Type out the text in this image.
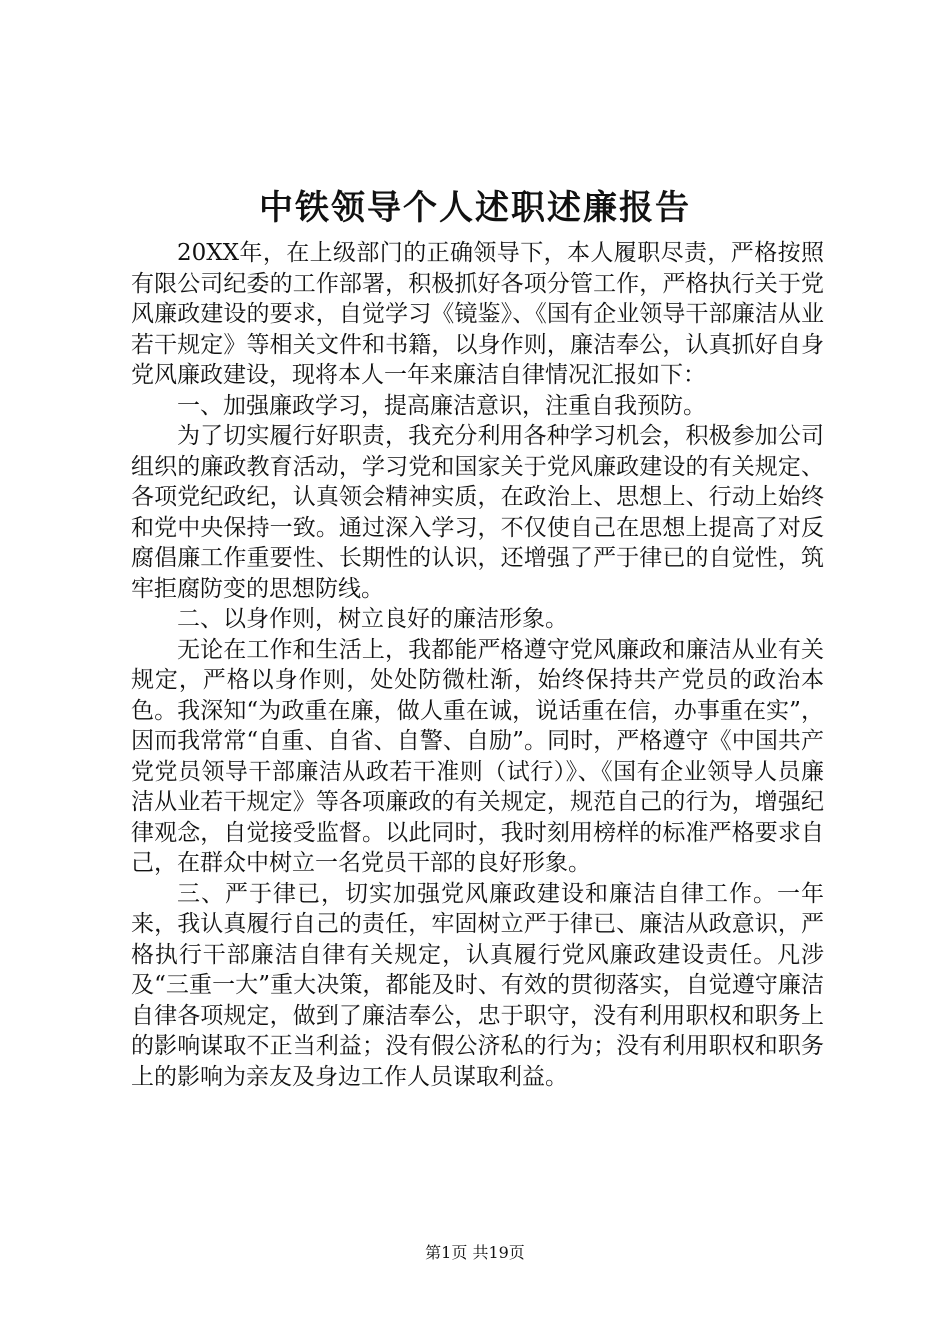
中铁领导个人述职述廉报告

20XX年，在上级部门的正确领导下，本人履职尽责，严格按照有限公司纪委的工作部署，积极抓好各项分管工作，严格执行关于党风廉政建设的要求，自觉学习《镜鉴》、《国有企业领导干部廉洁从业若干规定》等相关文件和书籍，以身作则，廉洁奉公，认真抓好自身党风廉政建设，现将本人一年来廉洁自律情况汇报如下：

一、加强廉政学习，提高廉洁意识，注重自我预防。

为了切实履行好职责，我充分利用各种学习机会，积极参加公司组织的廉政教育活动，学习党和国家关于党风廉政建设的有关规定、各项党纪政纪，认真领会精神实质，在政治上、思想上、行动上始终和党中央保持一致。通过深入学习，不仅使自己在思想上提高了对反腐倡廉工作重要性、长期性的认识，还增强了严于律已的自觉性，筑牢拒腐防变的思想防线。

二、以身作则，树立良好的廉洁形象。

无论在工作和生活上，我都能严格遵守党风廉政和廉洁从业有关规定，严格以身作则，处处防微杜渐，始终保持共产党员的政治本色。我深知“为政重在廉，做人重在诚，说话重在信，办事重在实”，因而我常常“自重、自省、自警、自励”。同时，严格遵守《中国共产党党员领导干部廉洁从政若干准则（试行）》、《国有企业领导人员廉洁从业若干规定》等各项廉政的有关规定，规范自己的行为，增强纪律观念，自觉接受监督。以此同时，我时刻用榜样的标准严格要求自己，在群众中树立一名党员干部的良好形象。

三、严于律已，切实加强党风廉政建设和廉洁自律工作。一年来，我认真履行自己的责任，牢固树立严于律已、廉洁从政意识，严格执行干部廉洁自律有关规定，认真履行党风廉政建设责任。凡涉及“三重一大”重大决策，都能及时、有效的贯彻落实，自觉遵守廉洁自律各项规定，做到了廉洁奉公，忠于职守，没有利用职权和职务上的影响谋取不正当利益；没有假公济私的行为；没有利用职权和职务上的影响为亲友及身边工作人员谋取利益。

第1页 共19页
